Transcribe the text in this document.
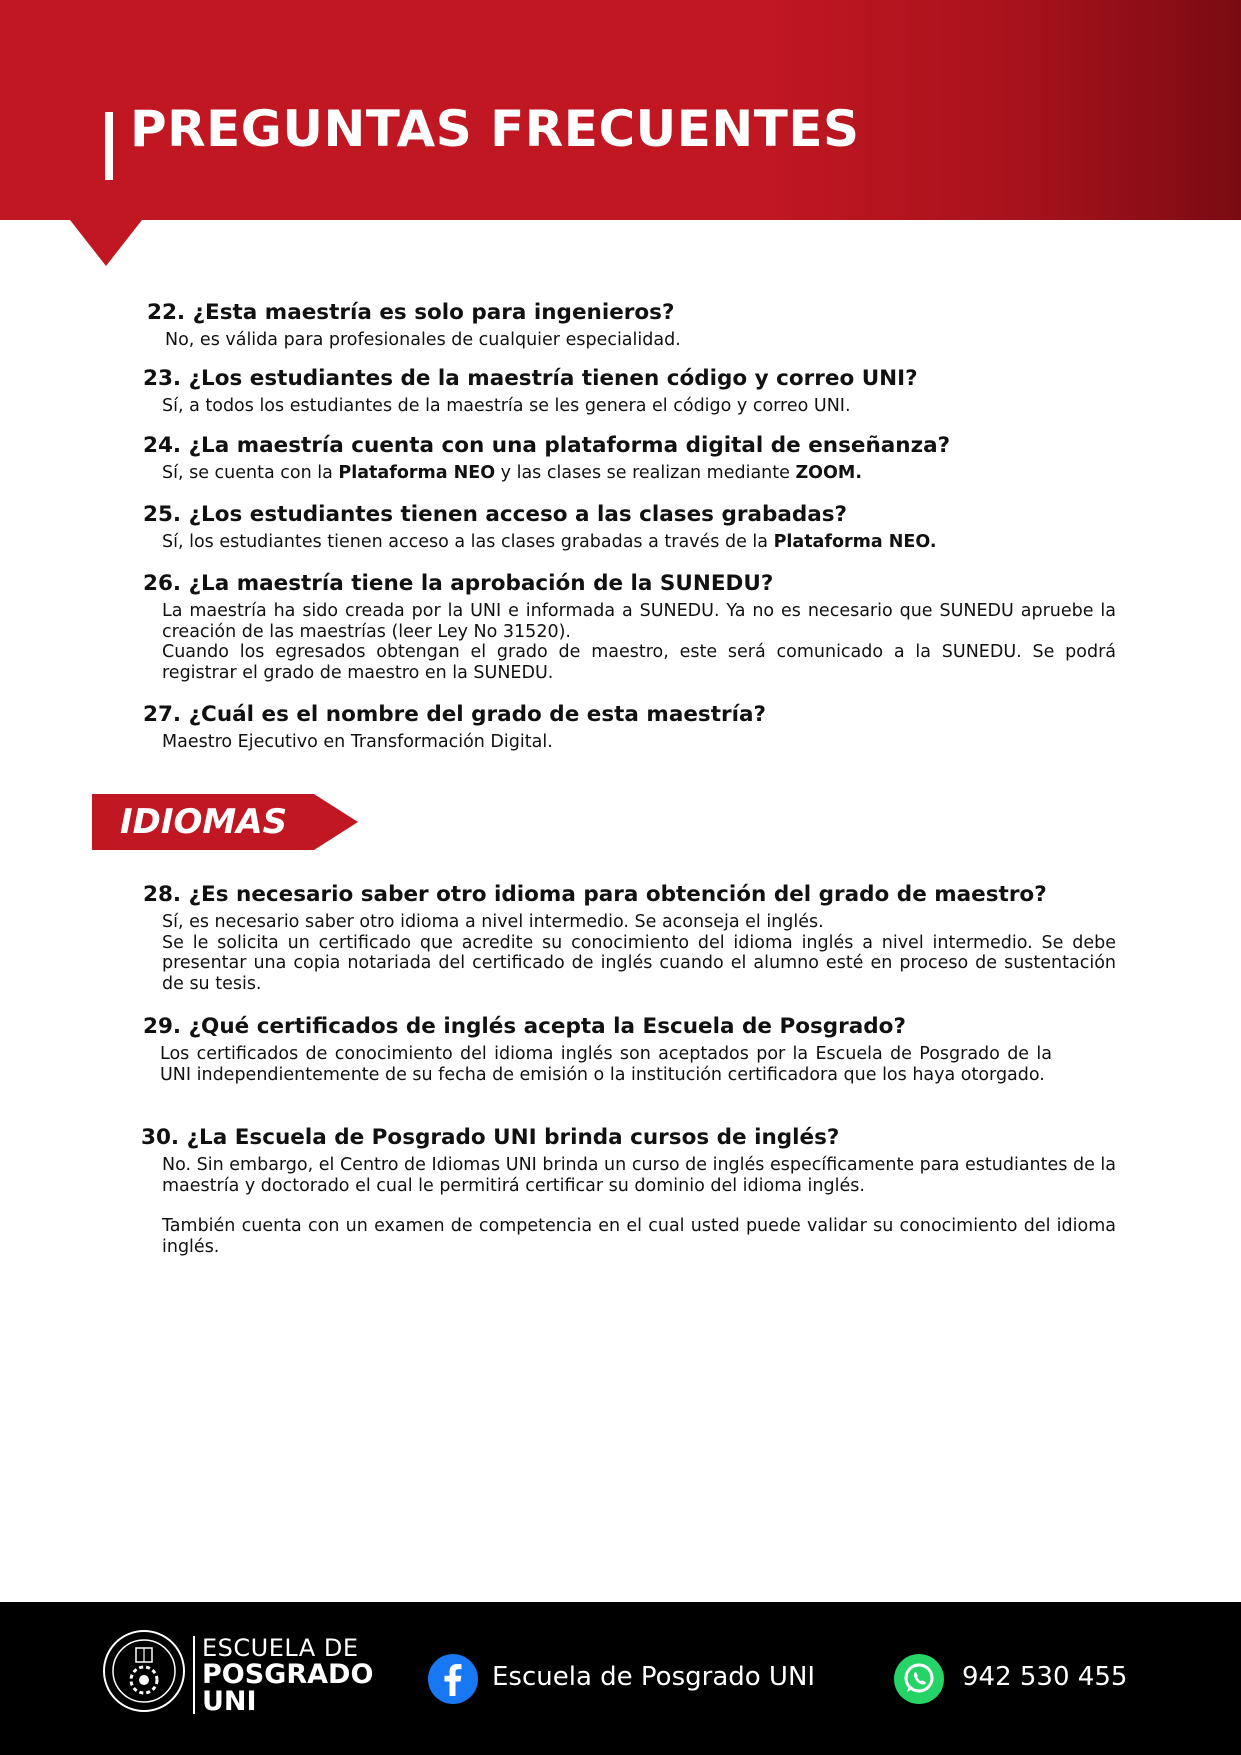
PREGUNTAS FRECUENTES
22. ¿Esta maestría es solo para ingenieros?

No, es válida para profesionales de cualquier especialidad.

23. ¿Los estudiantes de la maestría tienen código y correo UNI?

Sí, a todos los estudiantes de la maestría se les genera el código y correo UNI.

24. ¿La maestría cuenta con una plataforma digital de enseñanza?

Sí, se cuenta con la Plataforma NEO y las clases se realizan mediante ZOOM.

25. ¿Los estudiantes tienen acceso a las clases grabadas?

Sí, los estudiantes tienen acceso a las clases grabadas a través de la Plataforma NEO.

26. ¿La maestría tiene la aprobación de la SUNEDU?

La maestría ha sido creada por la UNI e informada a SUNEDU. Ya no es necesario que SUNEDU apruebe la creación de las maestrías (leer Ley No 31520).

Cuando los egresados obtengan el grado de maestro, este será comunicado a la SUNEDU. Se podrá registrar el grado de maestro en la SUNEDU.

27. ¿Cuál es el nombre del grado de esta maestría?

Maestro Ejecutivo en Transformación Digital.

IDIOMAS
28. ¿Es necesario saber otro idioma para obtención del grado de maestro?

Sí, es necesario saber otro idioma a nivel intermedio. Se aconseja el inglés.

Se le solicita un certificado que acredite su conocimiento del idioma inglés a nivel intermedio. Se debe presentar una copia notariada del certificado de inglés cuando el alumno esté en proceso de sustentación de su tesis.

29. ¿Qué certificados de inglés acepta la Escuela de Posgrado?

Los certificados de conocimiento del idioma inglés son aceptados por la Escuela de Posgrado de la UNI independientemente de su fecha de emisión o la institución certificadora que los haya otorgado.

30. ¿La Escuela de Posgrado UNI brinda cursos de inglés?

No. Sin embargo, el Centro de Idiomas UNI brinda un curso de inglés específicamente para estudiantes de la maestría y doctorado el cual le permitirá certificar su dominio del idioma inglés.

También cuenta con un examen de competencia en el cual usted puede validar su conocimiento del idioma inglés.

ESCUELA DE
POSGRADO
UNI
Escuela de Posgrado UNI	942 530 455
